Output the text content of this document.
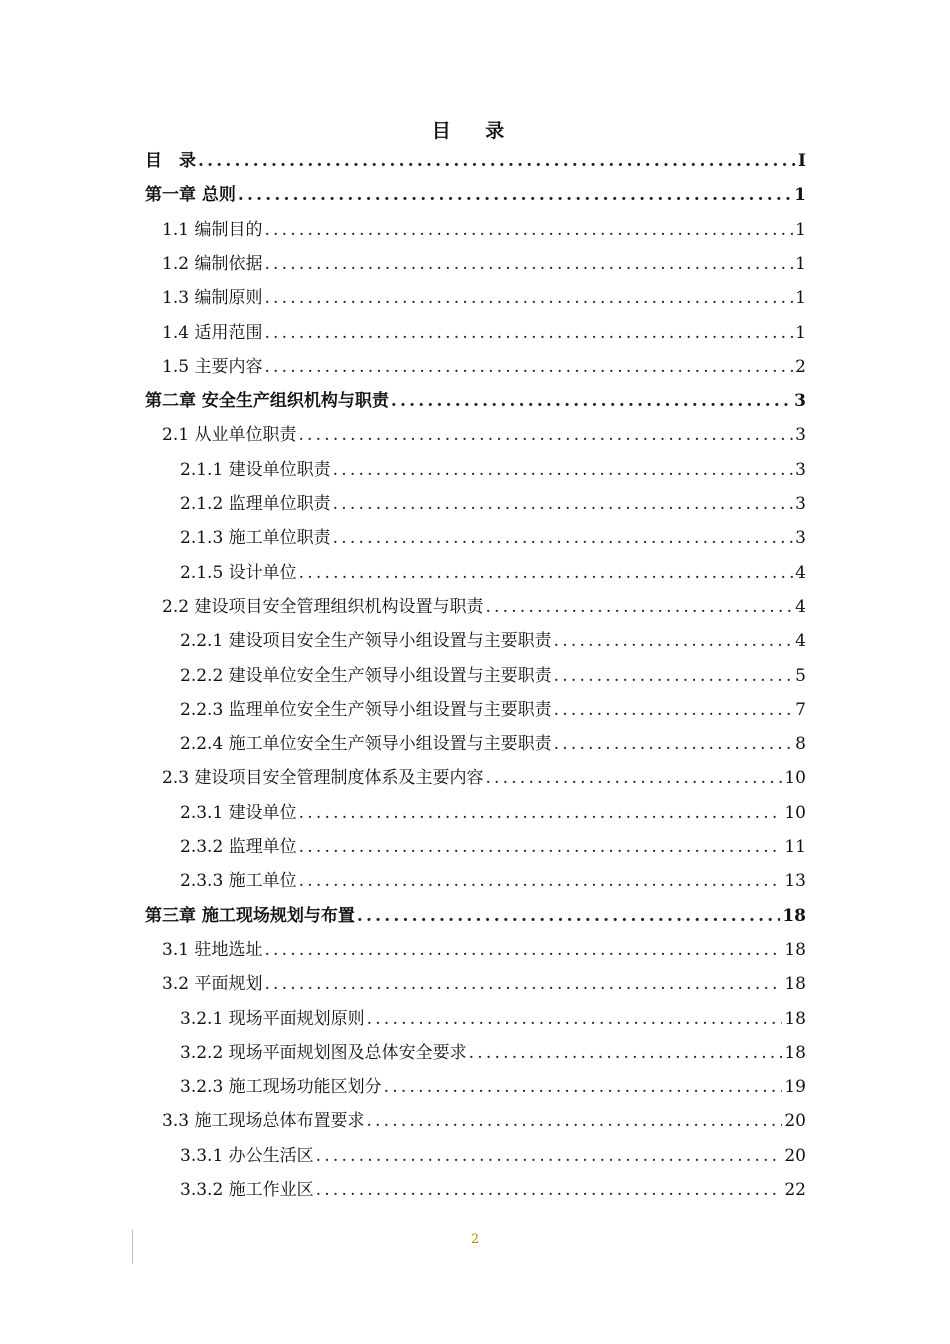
目 录
目　录 .....	I
第一章 总则 .....	1
1.1 编制目的 .....	1
1.2 编制依据 .....	1
1.3 编制原则 .....	1
1.4 适用范围 .....	1
1.5 主要内容 .....	2
第二章 安全生产组织机构与职责 .....	3
2.1 从业单位职责 .....	3
2.1.1 建设单位职责 .....	3
2.1.2 监理单位职责 .....	3
2.1.3 施工单位职责 .....	3
2.1.5 设计单位 .....	4
2.2 建设项目安全管理组织机构设置与职责 .....	4
2.2.1 建设项目安全生产领导小组设置与主要职责 .....	4
2.2.2 建设单位安全生产领导小组设置与主要职责 .....	5
2.2.3 监理单位安全生产领导小组设置与主要职责 .....	7
2.2.4 施工单位安全生产领导小组设置与主要职责 .....	8
2.3 建设项目安全管理制度体系及主要内容 .....	10
2.3.1 建设单位 .....	10
2.3.2 监理单位 .....	11
2.3.3 施工单位 .....	13
第三章 施工现场规划与布置 .....	18
3.1 驻地选址 .....	18
3.2 平面规划 .....	18
3.2.1 现场平面规划原则 .....	18
3.2.2 现场平面规划图及总体安全要求 .....	18
3.2.3 施工现场功能区划分 .....	19
3.3 施工现场总体布置要求 .....	20
3.3.1 办公生活区 .....	20
3.3.2 施工作业区 .....	22
2
